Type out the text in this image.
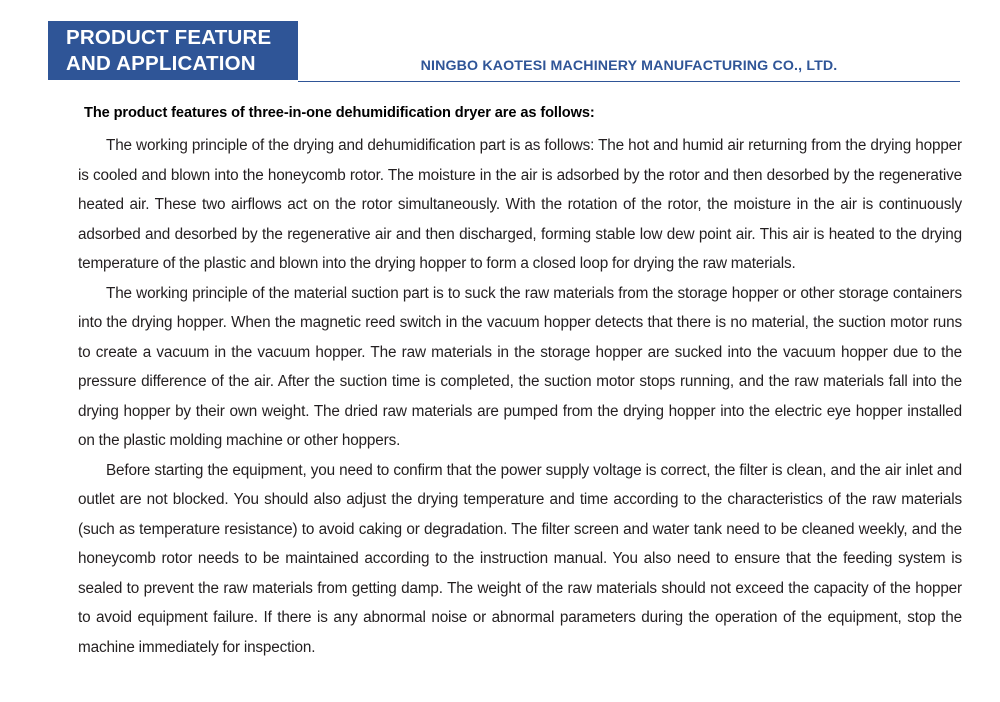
PRODUCT FEATURE
AND APPLICATION	NINGBO KAOTESI MACHINERY MANUFACTURING CO., LTD.

The product features of three-in-one dehumidification dryer are as follows:

The working principle of the drying and dehumidification part is as follows: The hot and humid air returning from the drying hopper is cooled and blown into the honeycomb rotor. The moisture in the air is adsorbed by the rotor and then desorbed by the regenerative heated air. These two airflows act on the rotor simultaneously. With the rotation of the rotor, the moisture in the air is continuously adsorbed and desorbed by the regenerative air and then discharged, forming stable low dew point air. This air is heated to the drying temperature of the plastic and blown into the drying hopper to form a closed loop for drying the raw materials.

The working principle of the material suction part is to suck the raw materials from the storage hopper or other storage containers into the drying hopper. When the magnetic reed switch in the vacuum hopper detects that there is no material, the suction motor runs to create a vacuum in the vacuum hopper. The raw materials in the storage hopper are sucked into the vacuum hopper due to the pressure difference of the air. After the suction time is completed, the suction motor stops running, and the raw materials fall into the drying hopper by their own weight. The dried raw materials are pumped from the drying hopper into the electric eye hopper installed on the plastic molding machine or other hoppers.

Before starting the equipment, you need to confirm that the power supply voltage is correct, the filter is clean, and the air inlet and outlet are not blocked. You should also adjust the drying temperature and time according to the characteristics of the raw materials (such as temperature resistance) to avoid caking or degradation. The filter screen and water tank need to be cleaned weekly, and the honeycomb rotor needs to be maintained according to the instruction manual. You also need to ensure that the feeding system is sealed to prevent the raw materials from getting damp. The weight of the raw materials should not exceed the capacity of the hopper to avoid equipment failure. If there is any abnormal noise or abnormal parameters during the operation of the equipment, stop the machine immediately for inspection.
